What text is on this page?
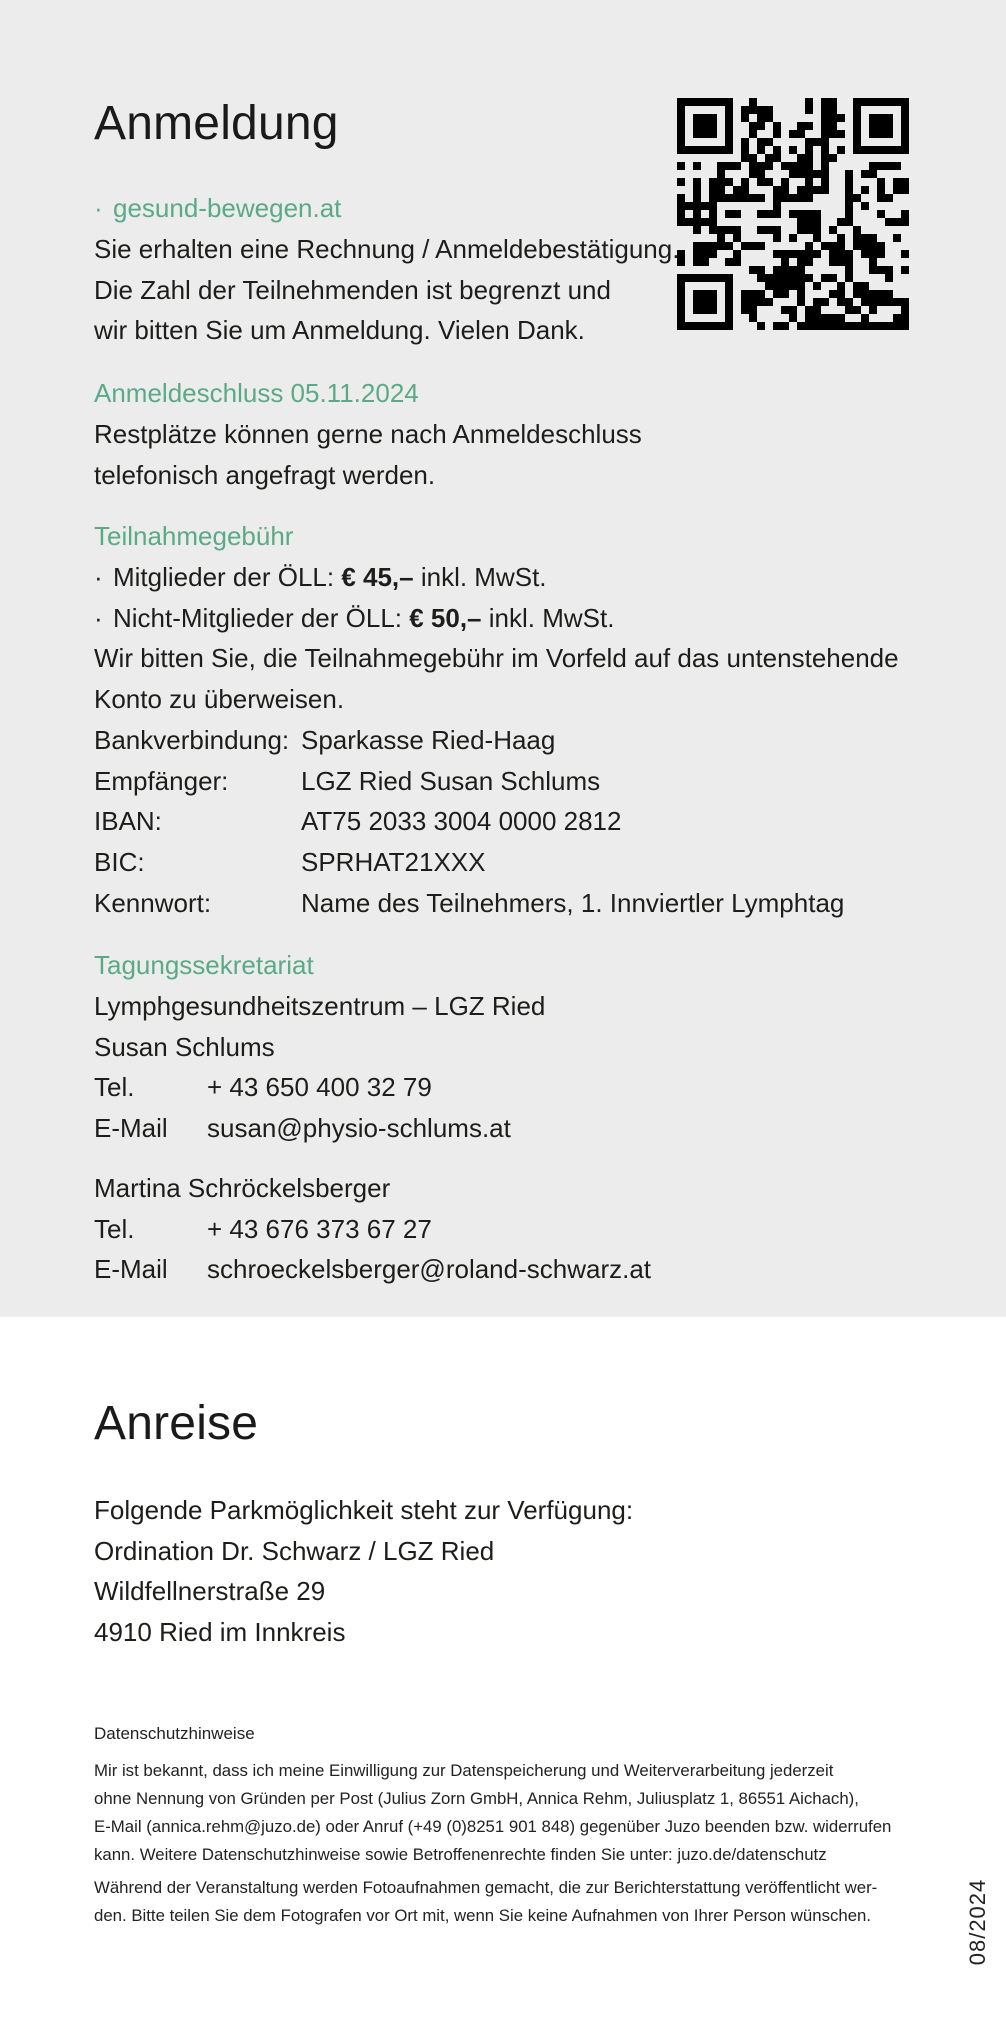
Anmeldung
· gesund-bewegen.at
Sie erhalten eine Rechnung / Anmeldebestätigung.
Die Zahl der Teilnehmenden ist begrenzt und
wir bitten Sie um Anmeldung. Vielen Dank.
Anmeldeschluss 05.11.2024
Restplätze können gerne nach Anmeldeschluss
telefonisch angefragt werden.
Teilnahmegebühr
· Mitglieder der ÖLL: € 45,– inkl. MwSt.
· Nicht-Mitglieder der ÖLL: € 50,– inkl. MwSt.
Wir bitten Sie, die Teilnahmegebühr im Vorfeld auf das untenstehende
Konto zu überweisen.
Bankverbindung: Sparkasse Ried-Haag
Empfänger:	LGZ Ried Susan Schlums
IBAN:	AT75 2033 3004 0000 2812
BIC:	SPRHAT21XXX
Kennwort:	Name des Teilnehmers, 1. Innviertler Lymphtag
Tagungssekretariat
Lymphgesundheitszentrum – LGZ Ried
Susan Schlums
Tel.	+ 43 650 400 32 79
E-Mail	susan@physio-schlums.at
Martina Schröckelsberger
Tel.	+ 43 676 373 67 27
E-Mail	schroeckelsberger@roland-schwarz.at
Anreise
Folgende Parkmöglichkeit steht zur Verfügung:
Ordination Dr. Schwarz / LGZ Ried
Wildfellnerstraße 29
4910 Ried im Innkreis
Datenschutzhinweise
Mir ist bekannt, dass ich meine Einwilligung zur Datenspeicherung und Weiterverarbeitung jederzeit
ohne Nennung von Gründen per Post (Julius Zorn GmbH, Annica Rehm, Juliusplatz 1, 86551 Aichach),
E-Mail (annica.rehm@juzo.de) oder Anruf (+49 (0)8251 901 848) gegenüber Juzo beenden bzw. widerrufen
kann. Weitere Datenschutzhinweise sowie Betroffenenrechte finden Sie unter: juzo.de/datenschutz
Während der Veranstaltung werden Fotoaufnahmen gemacht, die zur Berichterstattung veröffentlicht wer-
den. Bitte teilen Sie dem Fotografen vor Ort mit, wenn Sie keine Aufnahmen von Ihrer Person wünschen.	08/2024
